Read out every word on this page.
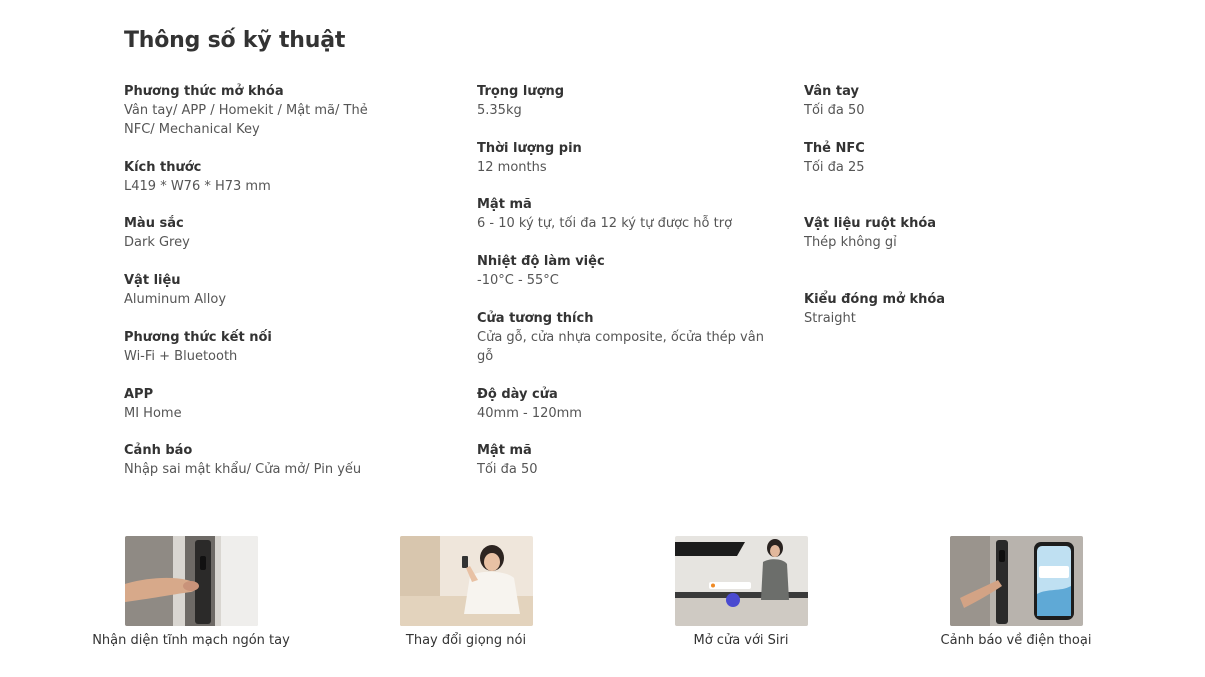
Thông số kỹ thuật
Phương thức mở khóa
Vân tay/ APP / Homekit / Mật mã/ Thẻ NFC/ Mechanical Key
Kích thước
L419 * W76 * H73 mm
Màu sắc
Dark Grey
Vật liệu
Aluminum Alloy
Phương thức kết nối
Wi-Fi + Bluetooth
APP
MI Home
Cảnh báo
Nhập sai mật khẩu/ Cửa mở/ Pin yếu
Trọng lượng
5.35kg
Thời lượng pin
12 months
Mật mã
6 - 10 ký tự, tối đa 12 ký tự được hỗ trợ
Nhiệt độ làm việc
-10°C - 55°C
Cửa tương thích
Cửa gỗ, cửa nhựa composite, ốcửa thép vân gỗ
Độ dày cửa
40mm - 120mm
Mật mã
Tối đa 50
Vân tay
Tối đa 50
Thẻ NFC
Tối đa 25
Vật liệu ruột khóa
Thép không gỉ
Kiểu đóng mở khóa
Straight
Nhận diện tĩnh mạch ngón tay	Thay đổi giọng nói	Mở cửa với Siri	Cảnh báo về điện thoại
